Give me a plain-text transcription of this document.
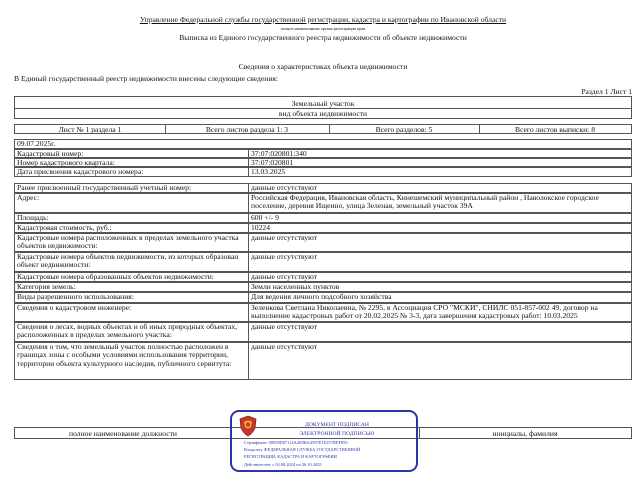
Управление Федеральной службы государственной регистрации, кадастра и картографии по Ивановской области
полное наименование органа регистрации прав
Выписка из Единого государственного реестра недвижимости об объекте недвижимости
Сведения о характеристиках объекта недвижимости
В Единый государственный реестр недвижимости внесены следующие сведения:
Раздел 1 Лист 1
Земельный участок
вид объекта недвижимости
Лист № 1 раздела 1	Всего листов раздела 1: 3	Всего разделов: 5	Всего листов выписки: 8
09.07.2025г.
Кадастровый номер:	37:07:020801:340
Номер кадастрового квартала:	37:07:020801
Дата присвоения кадастрового номера:	13.03.2025
Ранее присвоенный государственный учетный номер:	данные отсутствуют
Адрес:	Российская Федерация, Ивановская область, Кинешемский муниципальный район , Наволокское городское поселение, деревня Ищеино, улица Зеленая, земельный участок 39А
Площадь:	600 +/- 9
Кадастровая стоимость, руб.:	10224
Кадастровые номера расположенных в пределах земельного участка объектов недвижимости:
данные отсутствуют
Кадастровые номера объектов недвижимости, из которых образован объект недвижимости:
данные отсутствуют
Кадастровые номера образованных объектов недвижимости:	данные отсутствуют
Категория земель:	Земли населенных пунктов
Виды разрешенного использования:	Для ведения личного подсобного хозяйства
Сведения о кадастровом инженере:	Зеленкова Светлана Николаевна, № 2295, в Ассоциация СРО "МСКИ", СНИЛС 051-857-002 49, договор на выполнение кадастровых работ от 20.02.2025 № 3-3, дата завершения кадастровых работ: 10.03.2025
Сведения о лесах, водных объектах и об иных природных объектах, расположенных в пределах земельного участка:
данные отсутствуют
Сведения о том, что земельный участок полностью расположен в границах зоны с особыми условиями использования территории, территории объекта культурного наследия, публичного сервитута:
данные отсутствуют
полное наименование должности	инициалы, фамилия
ДОКУМЕНТ ПОДПИСАН
ЭЛЕКТРОННОЙ ПОДПИСЬЮ
Сертификат: 00958D07114A2E8BA4597E1E257BEF850
Владелец: ФЕДЕРАЛЬНАЯ СЛУЖБА ГОСУДАРСТВЕННОЙ
РЕГИСТРАЦИИ, КАДАСТРА И КАРТОГРАФИИ
Действителен: с 02.08.2024 по 26.10.2025
